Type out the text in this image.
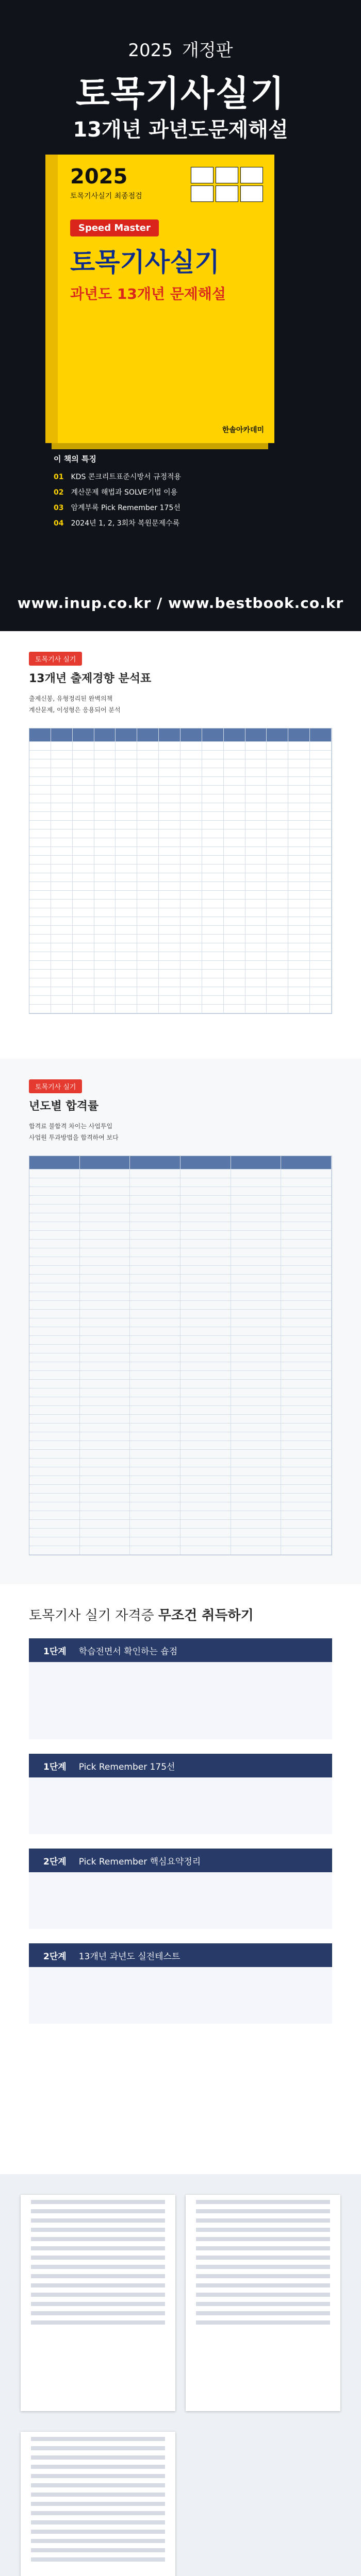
2025 개정판
토목기사실기
13개년 과년도문제해설
2025
토목기사실기 최종점검
Speed Master
토목기사실기
과년도 13개년 문제해설
한솔아카데미
이 책의 특징
01 KDS 콘크리트표준시방서 규정적용
02 계산문제 해법과 SOLVE기법 이용
03 암계부록 Pick Remember 175선
04 2024년 1, 2, 3회차 복원문제수록
www.inup.co.kr / www.bestbook.co.kr
토목기사 실기
13개년 출제경향 분석표
출제신봉, 유형정리된 완벽의책
계산문제, 이성형은 응용되어 분석
토목기사 실기
년도별 합격률
합격료 불합격 차이는 사업투입
사업원 투과방법을 합격하여 보다
토목기사 실기 자격증 무조건 취득하기
1단계 학습전면서 확인하는 숍점
1단계 Pick Remember 175선
2단계 Pick Remember 핵심요약정리
2단계 13개년 과년도 실전테스트
